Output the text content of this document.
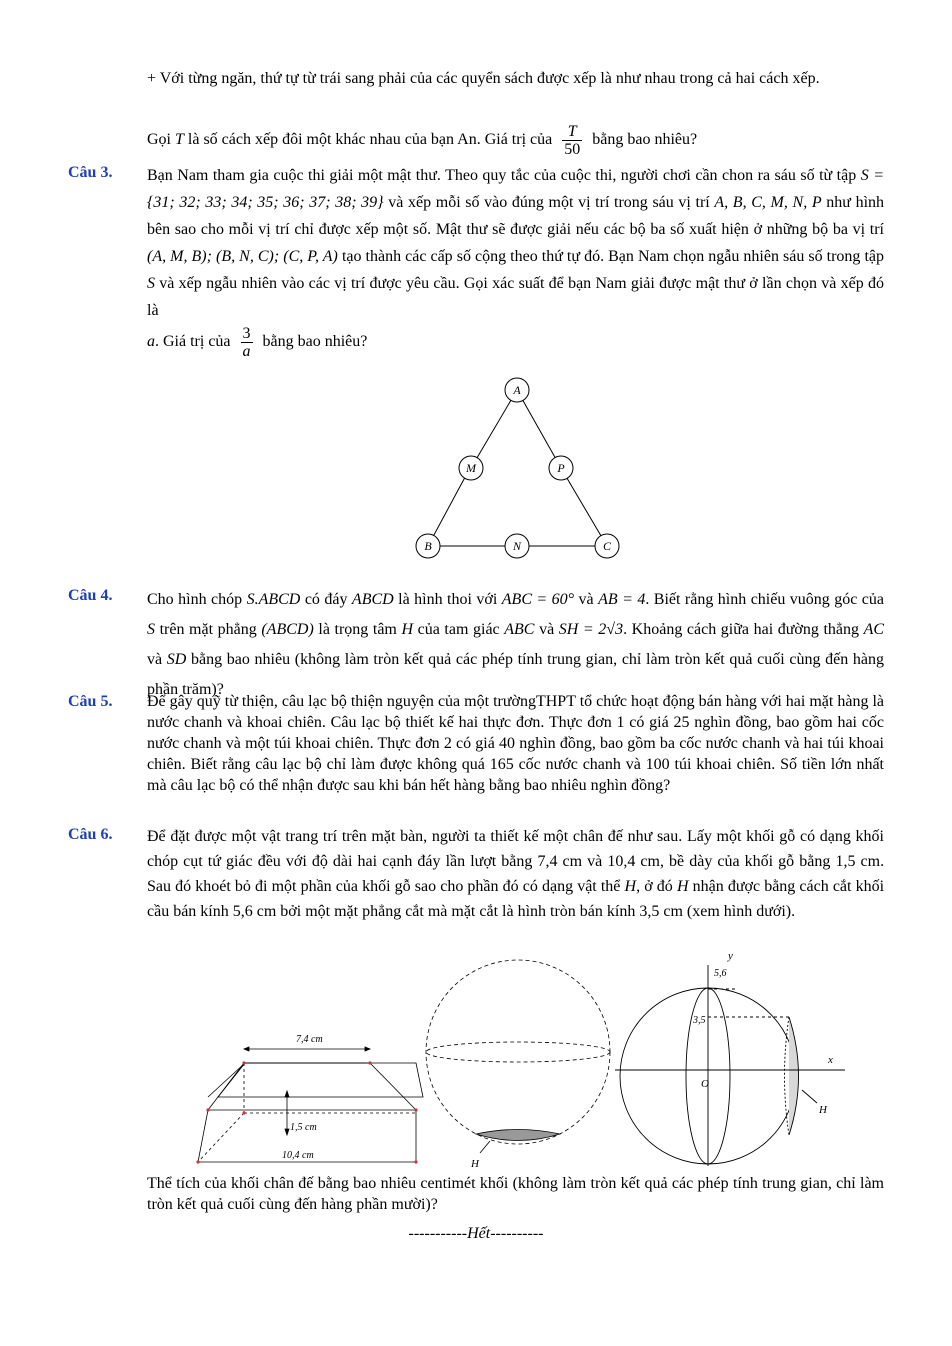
+ Với từng ngăn, thứ tự từ trái sang phải của các quyển sách được xếp là như nhau trong cả hai cách xếp.
Gọi T là số cách xếp đôi một khác nhau của bạn An. Giá trị của $\frac{T}{50}$ bằng bao nhiêu?
Câu 3. Bạn Nam tham gia cuộc thi giải một mật thư. Theo quy tắc của cuộc thi, người chơi cần chon ra sáu số từ tập S = {31; 32; 33; 34; 35; 36; 37; 38; 39} và xếp mỗi số vào đúng một vị trí trong sáu vị trí A, B, C, M, N, P như hình bên sao cho mỗi vị trí chỉ được xếp một số. Mật thư sẽ được giải nếu các bộ ba số xuất hiện ở những bộ ba vị trí (A, M, B); (B, N, C); (C, P, A) tạo thành các cấp số cộng theo thứ tự đó. Bạn Nam chọn ngẫu nhiên sáu số trong tập S và xếp ngẫu nhiên vào các vị trí được yêu cầu. Gọi xác suất để bạn Nam giải được mật thư ở lần chọn và xếp đó là
a. Giá trị của $\frac{3}{a}$ bằng bao nhiêu?
A
M	P
B	N	C
Câu 4. Cho hình chóp S.ABCD có đáy ABCD là hình thoi với ABC = 60° và AB = 4. Biết rằng hình chiếu vuông góc của S trên mặt phẳng (ABCD) là trọng tâm H của tam giác ABC và SH = 2√3. Khoảng cách giữa hai đường thẳng AC và SD bằng bao nhiêu (không làm tròn kết quả các phép tính trung gian, chỉ làm tròn kết quả cuối cùng đến hàng phần trăm)?
Câu 5. Để gây quỹ từ thiện, câu lạc bộ thiện nguyện của một trườngTHPT tổ chức hoạt động bán hàng với hai mặt hàng là nước chanh và khoai chiên. Câu lạc bộ thiết kế hai thực đơn. Thực đơn 1 có giá 25 nghìn đồng, bao gồm hai cốc nước chanh và một túi khoai chiên. Thực đơn 2 có giá 40 nghìn đồng, bao gồm ba cốc nước chanh và hai túi khoai chiên. Biết rằng câu lạc bộ chỉ làm được không quá 165 cốc nước chanh và 100 túi khoai chiên. Số tiền lớn nhất mà câu lạc bộ có thể nhận được sau khi bán hết hàng bằng bao nhiêu nghìn đồng?
Câu 6. Để đặt được một vật trang trí trên mặt bàn, người ta thiết kế một chân đế như sau. Lấy một khối gỗ có dạng khối chóp cụt tứ giác đều với độ dài hai cạnh đáy lần lượt bằng 7,4 cm và 10,4 cm, bề dày của khối gỗ bằng 1,5 cm. Sau đó khoét bỏ đi một phần của khối gỗ sao cho phần đó có dạng vật thể H, ở đó H nhận được bằng cách cắt khối cầu bán kính 5,6 cm bởi một mặt phẳng cắt mà mặt cắt là hình tròn bán kính 3,5 cm (xem hình dưới).
7,4 cm
1,5 cm
10,4 cm
H
y
x
O
5,6
3,5
H
Thể tích của khối chân đế bằng bao nhiêu centimét khối (không làm tròn kết quả các phép tính trung gian, chỉ làm tròn kết quả cuối cùng đến hàng phần mười)?
-----------Hết----------
